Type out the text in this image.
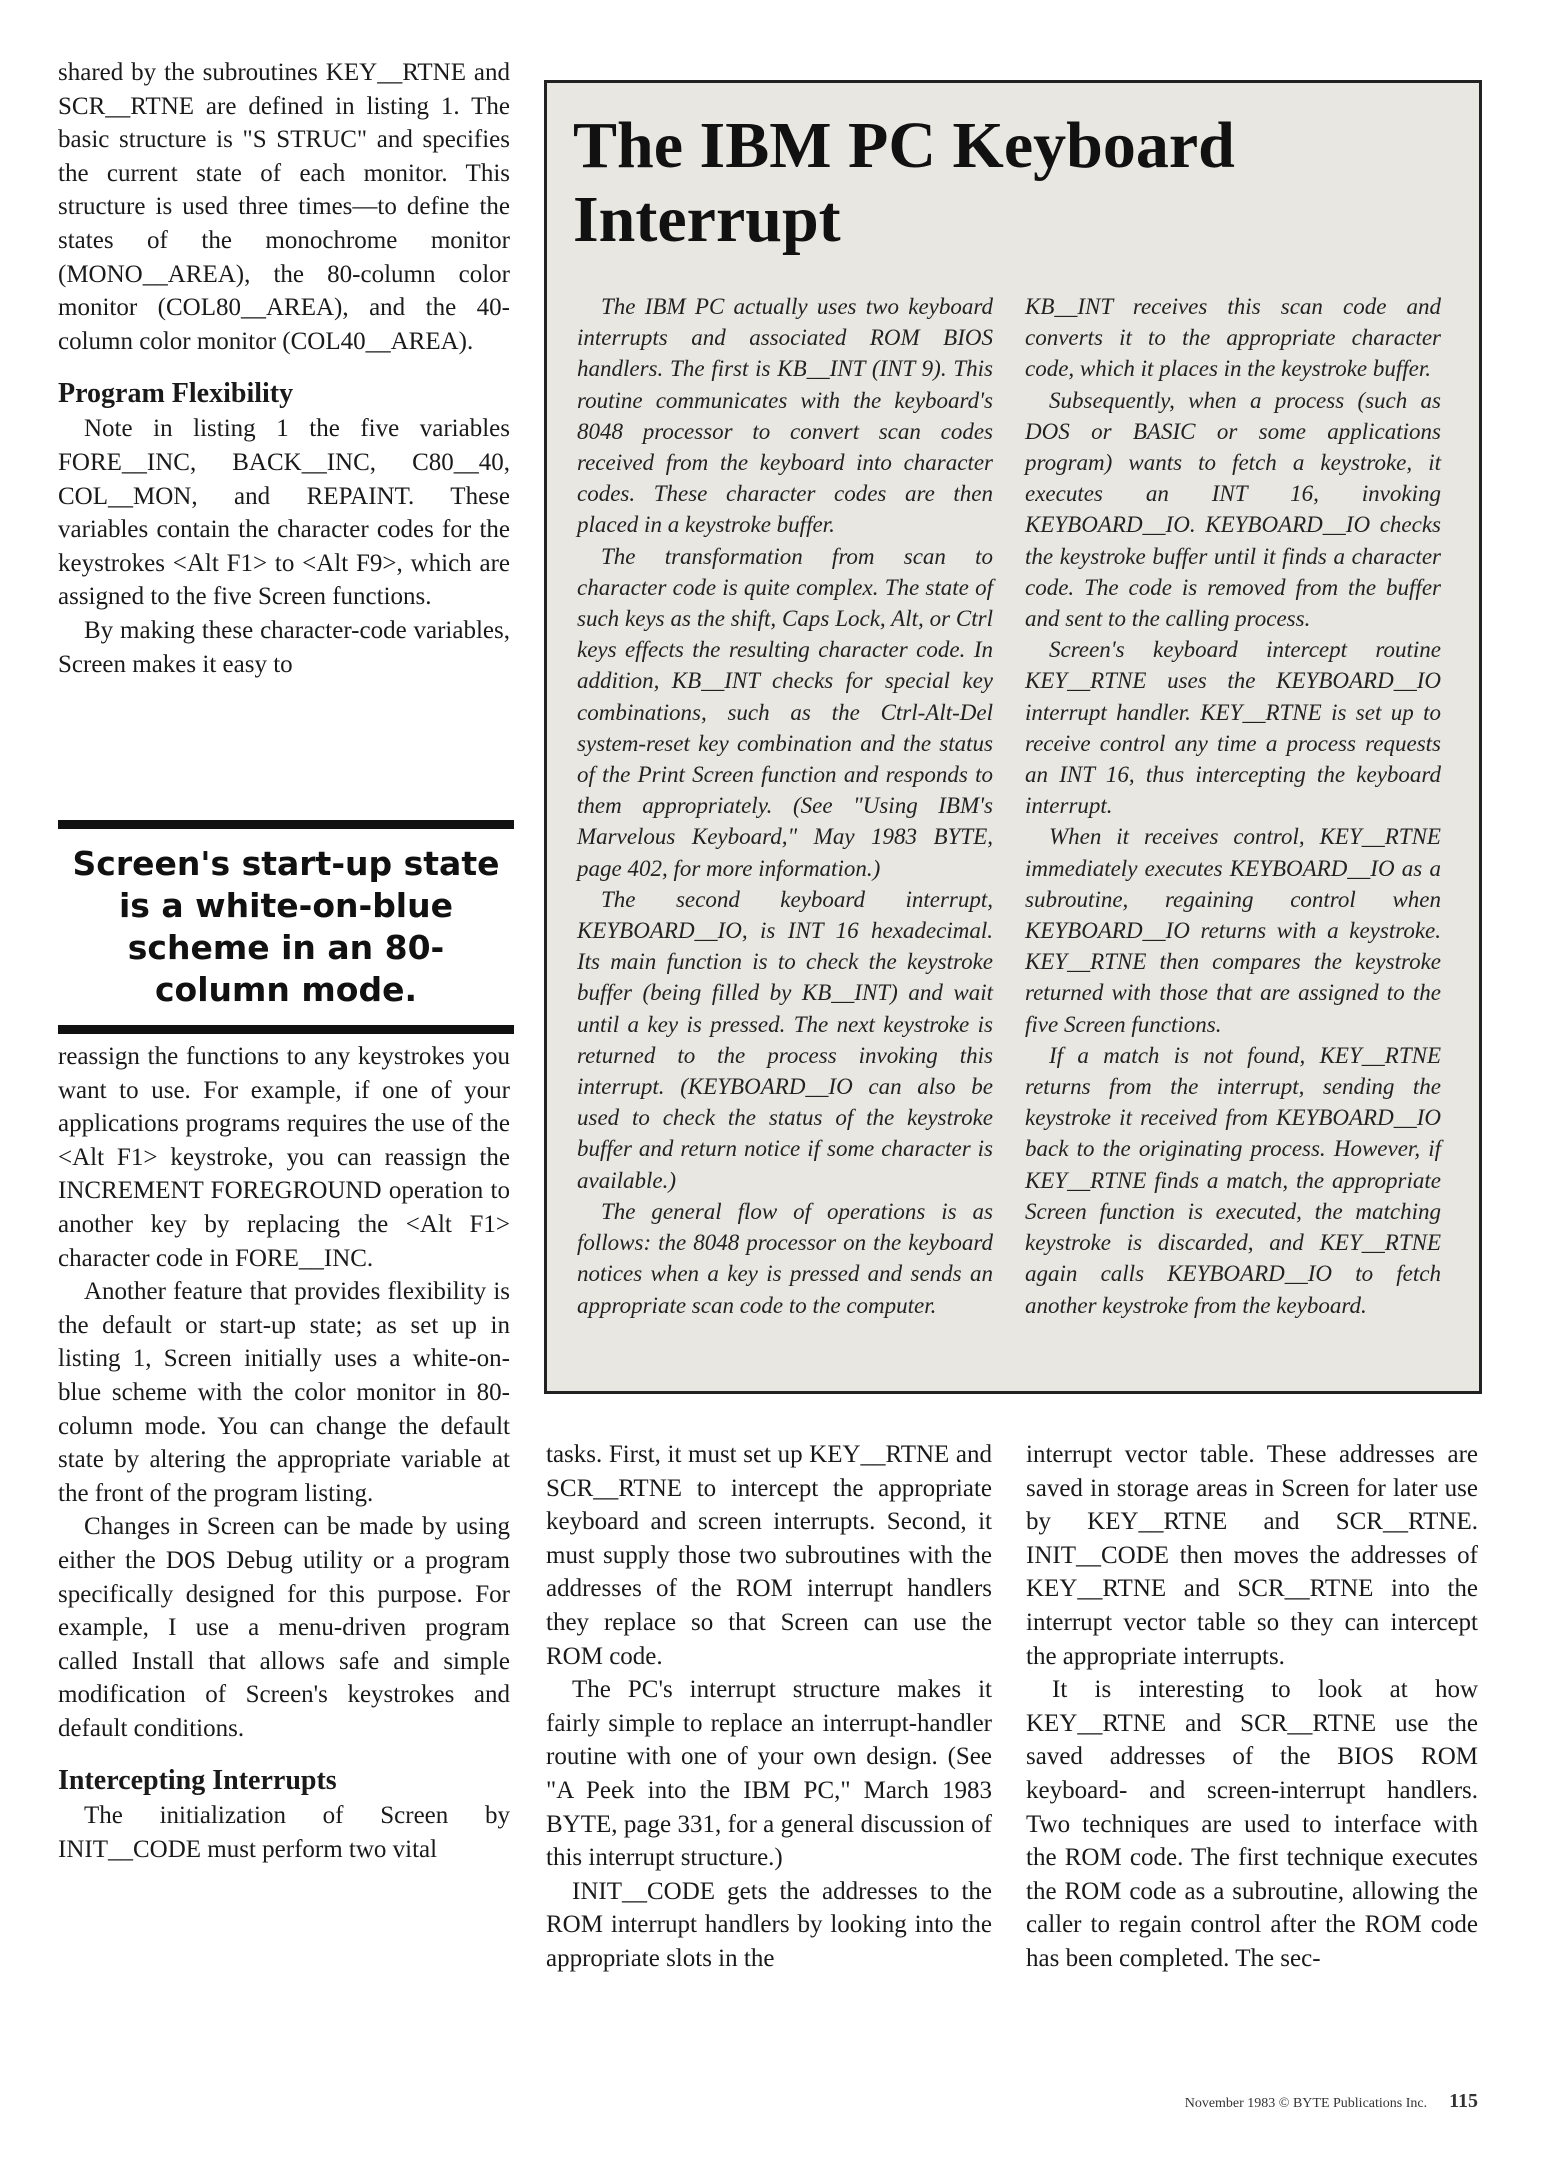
shared by the subroutines KEY__RTNE and SCR__RTNE are defined in listing 1. The basic structure is "S STRUC" and specifies the current state of each monitor. This structure is used three times—to define the states of the monochrome monitor (MONO__AREA), the 80-column color monitor (COL80__AREA), and the 40-column color monitor (COL40__AREA).

Program Flexibility

Note in listing 1 the five variables FORE__INC, BACK__INC, C80__40, COL__MON, and REPAINT. These variables contain the character codes for the keystrokes <Alt F1> to <Alt F9>, which are assigned to the five Screen functions.

By making these character-code variables, Screen makes it easy to

Screen's start-up state is a white-on-blue scheme in an 80-column mode.

reassign the functions to any keystrokes you want to use. For example, if one of your applications programs requires the use of the <Alt F1> keystroke, you can reassign the INCREMENT FOREGROUND operation to another key by replacing the <Alt F1> character code in FORE__INC.

Another feature that provides flexibility is the default or start-up state; as set up in listing 1, Screen initially uses a white-on-blue scheme with the color monitor in 80-column mode. You can change the default state by altering the appropriate variable at the front of the program listing.

Changes in Screen can be made by using either the DOS Debug utility or a program specifically designed for this purpose. For example, I use a menu-driven program called Install that allows safe and simple modification of Screen's keystrokes and default conditions.

Intercepting Interrupts

The initialization of Screen by INIT__CODE must perform two vital

The IBM PC Keyboard Interrupt

The IBM PC actually uses two keyboard interrupts and associated ROM BIOS handlers. The first is KB__INT (INT 9). This routine communicates with the keyboard's 8048 processor to convert scan codes received from the keyboard into character codes. These character codes are then placed in a keystroke buffer.

The transformation from scan to character code is quite complex. The state of such keys as the shift, Caps Lock, Alt, or Ctrl keys effects the resulting character code. In addition, KB__INT checks for special key combinations, such as the Ctrl-Alt-Del system-reset key combination and the status of the Print Screen function and responds to them appropriately. (See "Using IBM's Marvelous Keyboard," May 1983 BYTE, page 402, for more information.)

The second keyboard interrupt, KEYBOARD__IO, is INT 16 hexadecimal. Its main function is to check the keystroke buffer (being filled by KB__INT) and wait until a key is pressed. The next keystroke is returned to the process invoking this interrupt. (KEYBOARD__IO can also be used to check the status of the keystroke buffer and return notice if some character is available.)

The general flow of operations is as follows: the 8048 processor on the keyboard notices when a key is pressed and sends an appropriate scan code to the computer.

KB__INT receives this scan code and converts it to the appropriate character code, which it places in the keystroke buffer.

Subsequently, when a process (such as DOS or BASIC or some applications program) wants to fetch a keystroke, it executes an INT 16, invoking KEYBOARD__IO. KEYBOARD__IO checks the keystroke buffer until it finds a character code. The code is removed from the buffer and sent to the calling process.

Screen's keyboard intercept routine KEY__RTNE uses the KEYBOARD__IO interrupt handler. KEY__RTNE is set up to receive control any time a process requests an INT 16, thus intercepting the keyboard interrupt.

When it receives control, KEY__RTNE immediately executes KEYBOARD__IO as a subroutine, regaining control when KEYBOARD__IO returns with a keystroke. KEY__RTNE then compares the keystroke returned with those that are assigned to the five Screen functions.

If a match is not found, KEY__RTNE returns from the interrupt, sending the keystroke it received from KEYBOARD__IO back to the originating process. However, if KEY__RTNE finds a match, the appropriate Screen function is executed, the matching keystroke is discarded, and KEY__RTNE again calls KEYBOARD__IO to fetch another keystroke from the keyboard.

tasks. First, it must set up KEY__RTNE and SCR__RTNE to intercept the appropriate keyboard and screen interrupts. Second, it must supply those two subroutines with the addresses of the ROM interrupt handlers they replace so that Screen can use the ROM code.

The PC's interrupt structure makes it fairly simple to replace an interrupt-handler routine with one of your own design. (See "A Peek into the IBM PC," March 1983 BYTE, page 331, for a general discussion of this interrupt structure.)

INIT__CODE gets the addresses to the ROM interrupt handlers by looking into the appropriate slots in the

interrupt vector table. These addresses are saved in storage areas in Screen for later use by KEY__RTNE and SCR__RTNE. INIT__CODE then moves the addresses of KEY__RTNE and SCR__RTNE into the interrupt vector table so they can intercept the appropriate interrupts.

It is interesting to look at how KEY__RTNE and SCR__RTNE use the saved addresses of the BIOS ROM keyboard- and screen-interrupt handlers. Two techniques are used to interface with the ROM code. The first technique executes the ROM code as a subroutine, allowing the caller to regain control after the ROM code has been completed. The sec-

November 1983 © BYTE Publications Inc. 115
